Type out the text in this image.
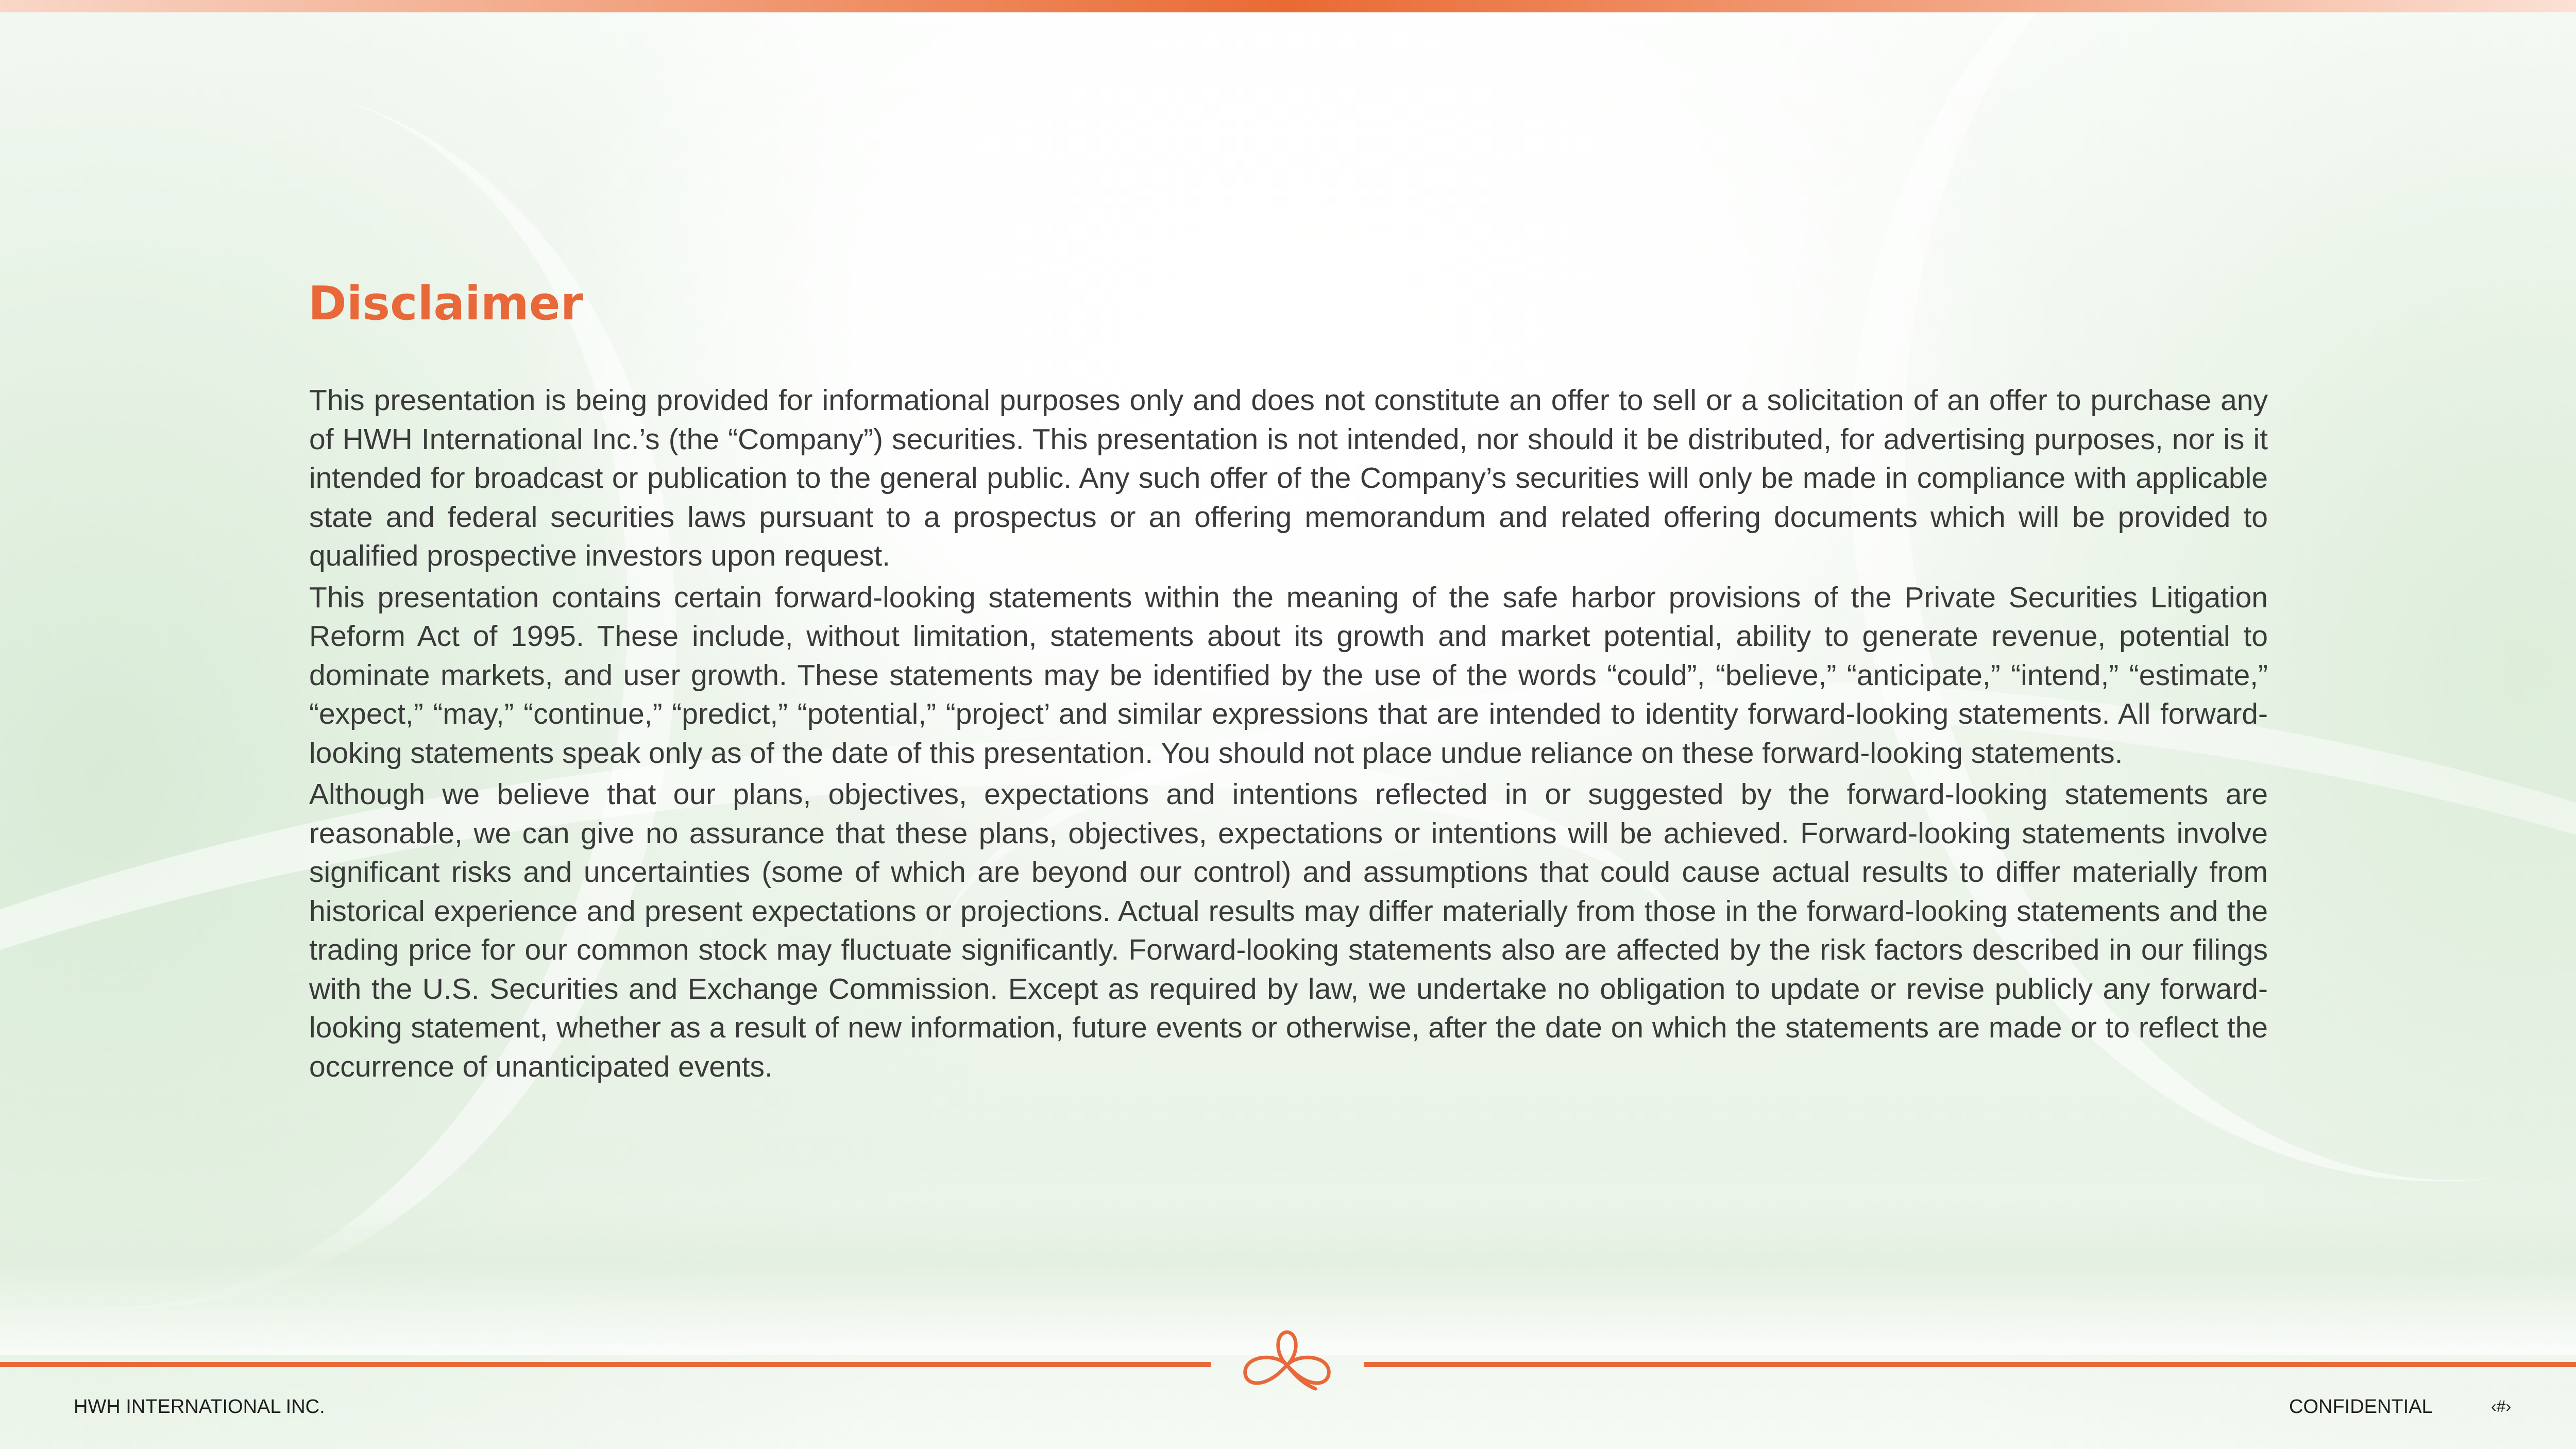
Disclaimer

This presentation is being provided for informational purposes only and does not constitute an offer to sell or a solicitation of an offer to purchase any of HWH International Inc.’s (the “Company”) securities. This presentation is not intended, nor should it be distributed, for advertising purposes, nor is it intended for broadcast or publication to the general public. Any such offer of the Company’s securities will only be made in compliance with applicable state and federal securities laws pursuant to a prospectus or an offering memorandum and related offering documents which will be provided to qualified prospective investors upon request.

This presentation contains certain forward-looking statements within the meaning of the safe harbor provisions of the Private Securities Litigation Reform Act of 1995. These include, without limitation, statements about its growth and market potential, ability to generate revenue, potential to dominate markets, and user growth. These statements may be identified by the use of the words “could”, “believe,” “anticipate,” “intend,” “estimate,” “expect,” “may,” “continue,” “predict,” “potential,” “project’ and similar expressions that are intended to identity forward-looking statements. All forward-looking statements speak only as of the date of this presentation. You should not place undue reliance on these forward-looking statements.

Although we believe that our plans, objectives, expectations and intentions reflected in or suggested by the forward-looking statements are reasonable, we can give no assurance that these plans, objectives, expectations or intentions will be achieved. Forward-looking statements involve significant risks and uncertainties (some of which are beyond our control) and assumptions that could cause actual results to differ materially from historical experience and present expectations or projections. Actual results may differ materially from those in the forward-looking statements and the trading price for our common stock may fluctuate significantly. Forward-looking statements also are affected by the risk factors described in our filings with the U.S. Securities and Exchange Commission. Except as required by law, we undertake no obligation to update or revise publicly any forward-looking statement, whether as a result of new information, future events or otherwise, after the date on which the statements are made or to reflect the occurrence of unanticipated events.

HWH INTERNATIONAL INC.	CONFIDENTIAL	‹#›
